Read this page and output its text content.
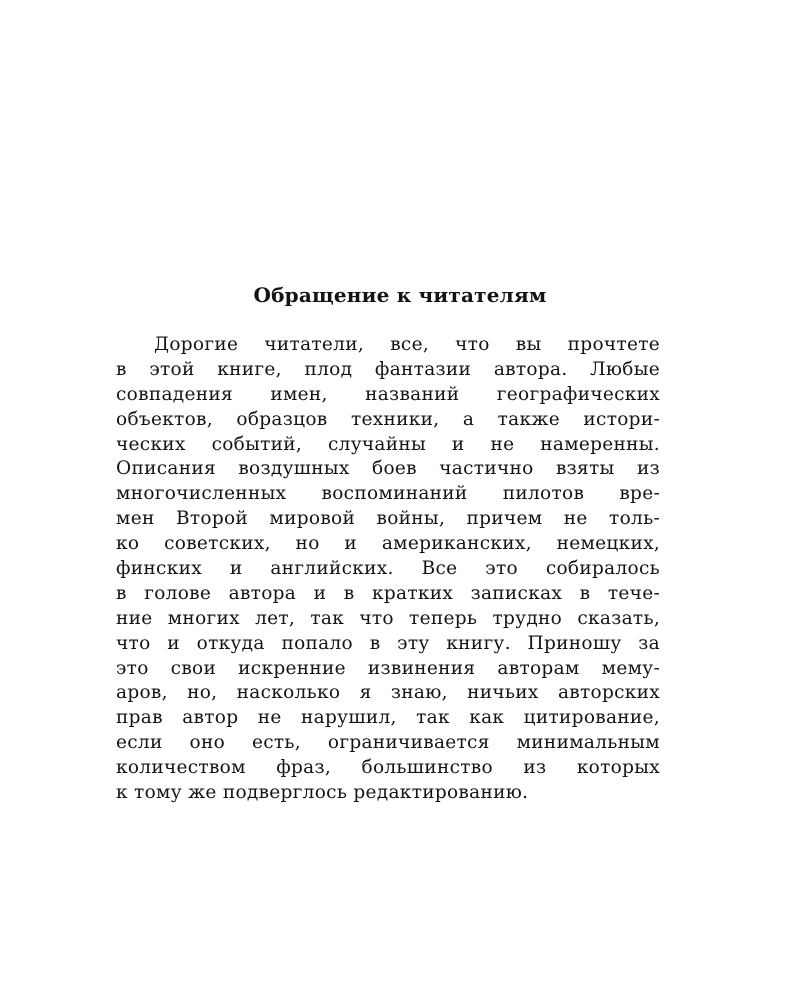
Обращение к читателям
Дорогие читатели, все, что вы прочтете
в этой книге, плод фантазии автора. Любые
совпадения имен, названий географических
объектов, образцов техники, а также истори-
ческих событий, случайны и не намеренны.
Описания воздушных боев частично взяты из
многочисленных воспоминаний пилотов вре-
мен Второй мировой войны, причем не толь-
ко советских, но и американских, немецких,
финских и английских. Все это собиралось
в голове автора и в кратких записках в тече-
ние многих лет, так что теперь трудно сказать,
что и откуда попало в эту книгу. Приношу за
это свои искренние извинения авторам мему-
аров, но, насколько я знаю, ничьих авторских
прав автор не нарушил, так как цитирование,
если оно есть, ограничивается минимальным
количеством фраз, большинство из которых
к тому же подверглось редактированию.
